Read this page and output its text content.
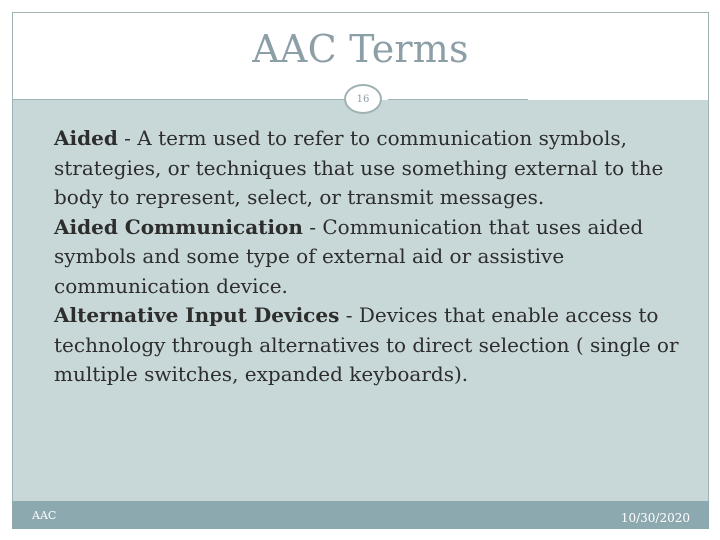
AAC Terms
16
Aided - A term used to refer to communication symbols, strategies, or techniques that use something external to the body to represent, select, or transmit messages.
Aided Communication - Communication that uses aided symbols and some type of external aid or assistive communication device.
Alternative Input Devices - Devices that enable access to technology through alternatives to direct selection ( single or multiple switches, expanded keyboards).
AAC	10/30/2020
